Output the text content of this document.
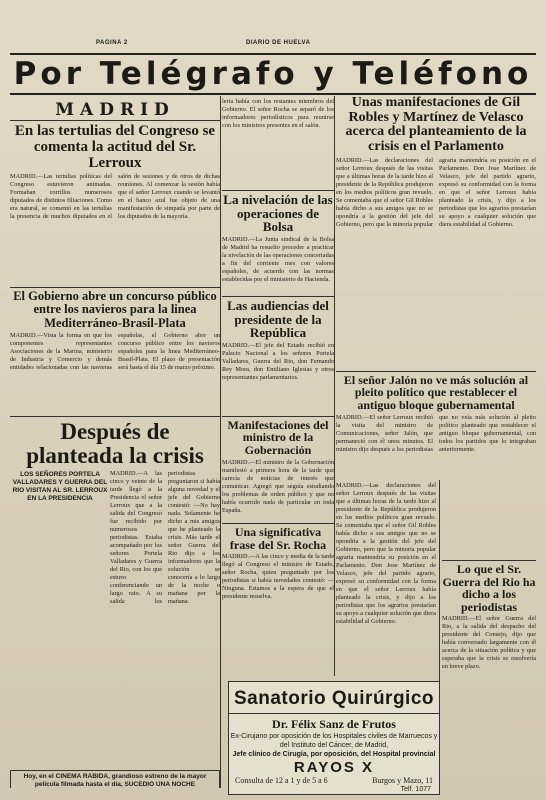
PAGINA 2	DIARIO DE HUELVA
Por Telégrafo y Teléfono
MADRID
En las tertulias del Congreso se comenta la actitud del Sr. Lerroux
MADRID.—Las tertulias políticas del Congreso estuvieron animadas. Formaban corrillos numerosos diputados de distintos filiaciones. Como era natural, se comentó en las tertulias la presencia de muchos diputados en el salón de sesiones y de otros de dichas reuniones. Al comenzar la sesión había que el señor Lerroux cuando se levantó en el banco azul fue objeto de una manifestación de simpatía por parte de los diputados de la mayoría.
El Gobierno abre un concurso público entre los navieros para la linea Mediterráneo-Brasil-Plata
MADRID.—Vista la forma en que los componentes representantes Asociaciones de la Marina, ministerio de Industria y Comercio y demás entidades relacionadas con las navieras españolas, el Gobierno abre un concurso público entre los navieros españoles para la linea Mediterráneo-Brasil-Plata. El plazo de presentación será hasta el día 15 de marzo próximo.
Después de planteada la crisis
LOS SEÑORES PORTELA VALLADARES Y GUERRA DEL RIO VISITAN AL SR. LERROUX EN LA PRESIDENCIA
MADRID.—A las cinco y veinte de la tarde llegó a la Presidencia el señor Lerroux que a la salida del Congreso fue recibido por numerosos periodistas. Estaba acompañado por los señores Portela Valladares y Guerra del Rio, con los que estuvo conferenciando un largo rato. A su salida los periodistas preguntaron si había alguna novedad y el jefe del Gobierno contestó: —No hay nada. Solamente he dicho a mis amigos que he planteado la crisis. Más tarde el señor Guerra del Rio dijo a los informadores que la solución se conocería a lo largo de la noche o mañana por la mañana.
Hoy, en el CINEMA RABIDA, grandioso estreno de la mayor película filmada hasta el día, SUCEDIO UNA NOCHE
leria había con los restantes miembros del Gobierno. El señor Rocha se separó de los informadores periodísticos para reunirse con los ministros presentes en el salón.
La nivelación de las operaciones de Bolsa
MADRID.—La Junta sindical de la Bolsa de Madrid ha resuelto proceder a practicar la nivelación de las operaciones concertadas a fin del corriente mes con valores españoles, de acuerdo con las normas establecidas por el ministerio de Hacienda.
Las audiencias del presidente de la República
MADRID.—El jefe del Estado recibió en Palacio Nacional a los señores Portela Valladares, Guerra del Rio, don Fernando Rey Mora, don Emiliano Iglesias y otros representantes parlamentarios.
Manifestaciones del ministro de la Gobernación
MADRID.—El ministro de la Gobernación manifestó a primera hora de la tarde que carecía de noticias de interés que comunicar. Agregó que seguía estudiando los problemas de orden público y que no había ocurrido nada de particular en toda España.
Una significativa frase del Sr. Rocha
MADRID.—A las cinco y media de la tarde llegó al Congreso el ministro de Estado, señor Rocha, quien preguntado por los periodistas si había novedades contestó: —Ninguna. Estamos a la espera de que el presidente resuelva.
Unas manifestaciones de Gil Robles y Martínez de Velasco acerca del planteamiento de la crisis en el Parlamento
MADRID.—Las declaraciones del señor Lerroux después de las visitas que a últimas horas de la tarde hizo al presidente de la República produjeron en los medios políticos gran revuelo. Se comentaba que el señor Gil Robles había dicho a sus amigos que no se opondría a la gestión del jefe del Gobierno, pero que la minoría popular agraria mantendría su posición en el Parlamento. Don Jose Martínez de Velasco, jefe del partido agrario, expresó su conformidad con la forma en que el señor Lerroux había planteado la crisis, y dijo a los periodistas que los agrarios prestarían su apoyo a cualquier solución que diera estabilidad al Gobierno.
El señor Jalón no ve más solución al pleito político que restablecer el antiguo bloque gubernamental
MADRID.—El señor Lerroux recibió la visita del ministro de Comunicaciones, señor Jalón, que permaneció con él unos minutos. El ministro dijo después a los periodistas que no veía más solución al pleito político planteado que restablecer el antiguo bloque gubernamental, con todos los partidos que lo integraban anteriormente.
Lo que el Sr. Guerra del Rio ha dicho a los periodistas
MADRID.—El señor Guerra del Rio, a la salida del despacho del presidente del Consejo, dijo que había conversado largamente con él acerca de la situación política y que esperaba que la crisis se resolvería en breve plazo.
MADRID.—Las declaraciones del señor Lerroux después de las visitas que a últimas horas de la tarde hizo al presidente de la República produjeron en los medios políticos gran revuelo. Se comentaba que el señor Gil Robles había dicho a sus amigos que no se opondría a la gestión del jefe del Gobierno, pero que la minoría popular agraria mantendría su posición en el Parlamento. Don Jose Martínez de Velasco, jefe del partido agrario, expresó su conformidad con la forma en que el señor Lerroux había planteado la crisis, y dijo a los periodistas que los agrarios prestarían su apoyo a cualquier solución que diera estabilidad al Gobierno.
Sanatorio Quirúrgico
Dr. Félix Sanz de Frutos
Ex-Cirujano por oposición de los Hospitales civiles de Marruecos y del Instituto del Cáncer, de Madrid,
Jefe clínico de Cirugía, por oposición, del Hospital provincial
RAYOS X
Consulta de 12 a 1 y de 5 a 6	Burgos y Mazo, 11
Telf. 1077
